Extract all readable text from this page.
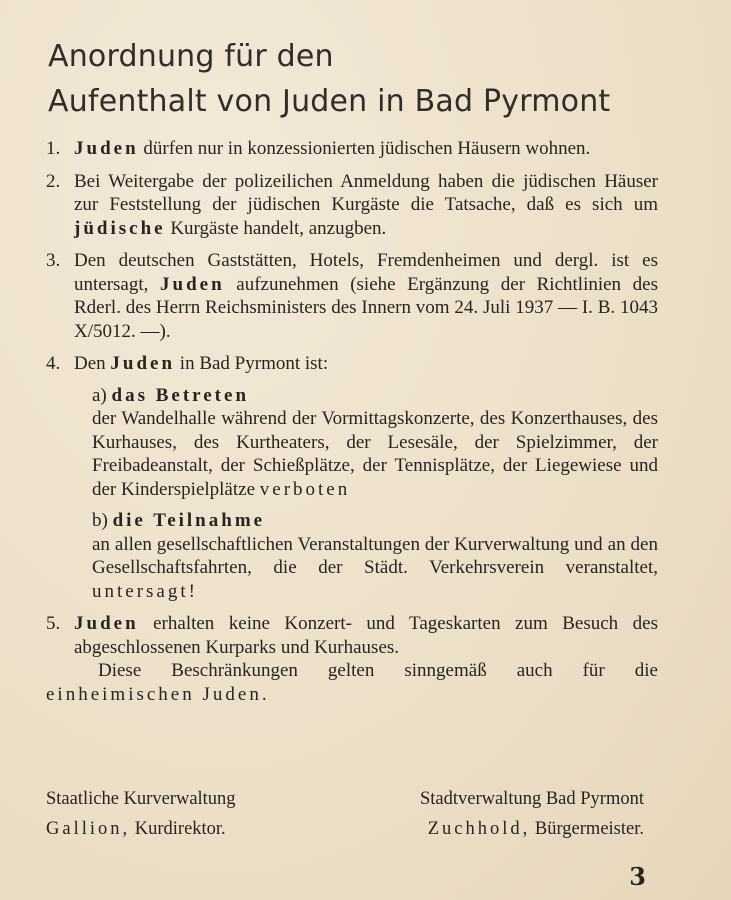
Anordnung für den
Aufenthalt von Juden in Bad Pyrmont
1. Juden dürfen nur in konzessionierten jüdischen Häusern wohnen.
2. Bei Weitergabe der polizeilichen Anmeldung haben die jüdischen Häuser zur Feststellung der jüdischen Kurgäste die Tatsache, daß es sich um jüdische Kurgäste handelt, anzugben.
3. Den deutschen Gaststätten, Hotels, Fremdenheimen und dergl. ist es untersagt, Juden aufzunehmen (siehe Ergänzung der Richtlinien des Rderl. des Herrn Reichsministers des Innern vom 24. Juli 1937 — I. B. 1043 X/5012. —).
4. Den Juden in Bad Pyrmont ist:
a) das Betreten
der Wandelhalle während der Vormittagskonzerte, des Konzerthauses, des Kurhauses, des Kurtheaters, der Lesesäle, der Spielzimmer, der Freibadeanstalt, der Schießplätze, der Tennisplätze, der Liegewiese und der Kinderspielplätze verboten
b) die Teilnahme
an allen gesellschaftlichen Veranstaltungen der Kurverwaltung und an den Gesellschaftsfahrten, die der Städt. Verkehrsverein veranstaltet, untersagt!
5. Juden erhalten keine Konzert- und Tageskarten zum Besuch des abgeschlossenen Kurparks und Kurhauses.
Diese Beschränkungen gelten sinngemäß auch für die einheimischen Juden.
Staatliche Kurverwaltung	Stadtverwaltung Bad Pyrmont
Gallion, Kurdirektor.	Zuchhold, Bürgermeister.
3
